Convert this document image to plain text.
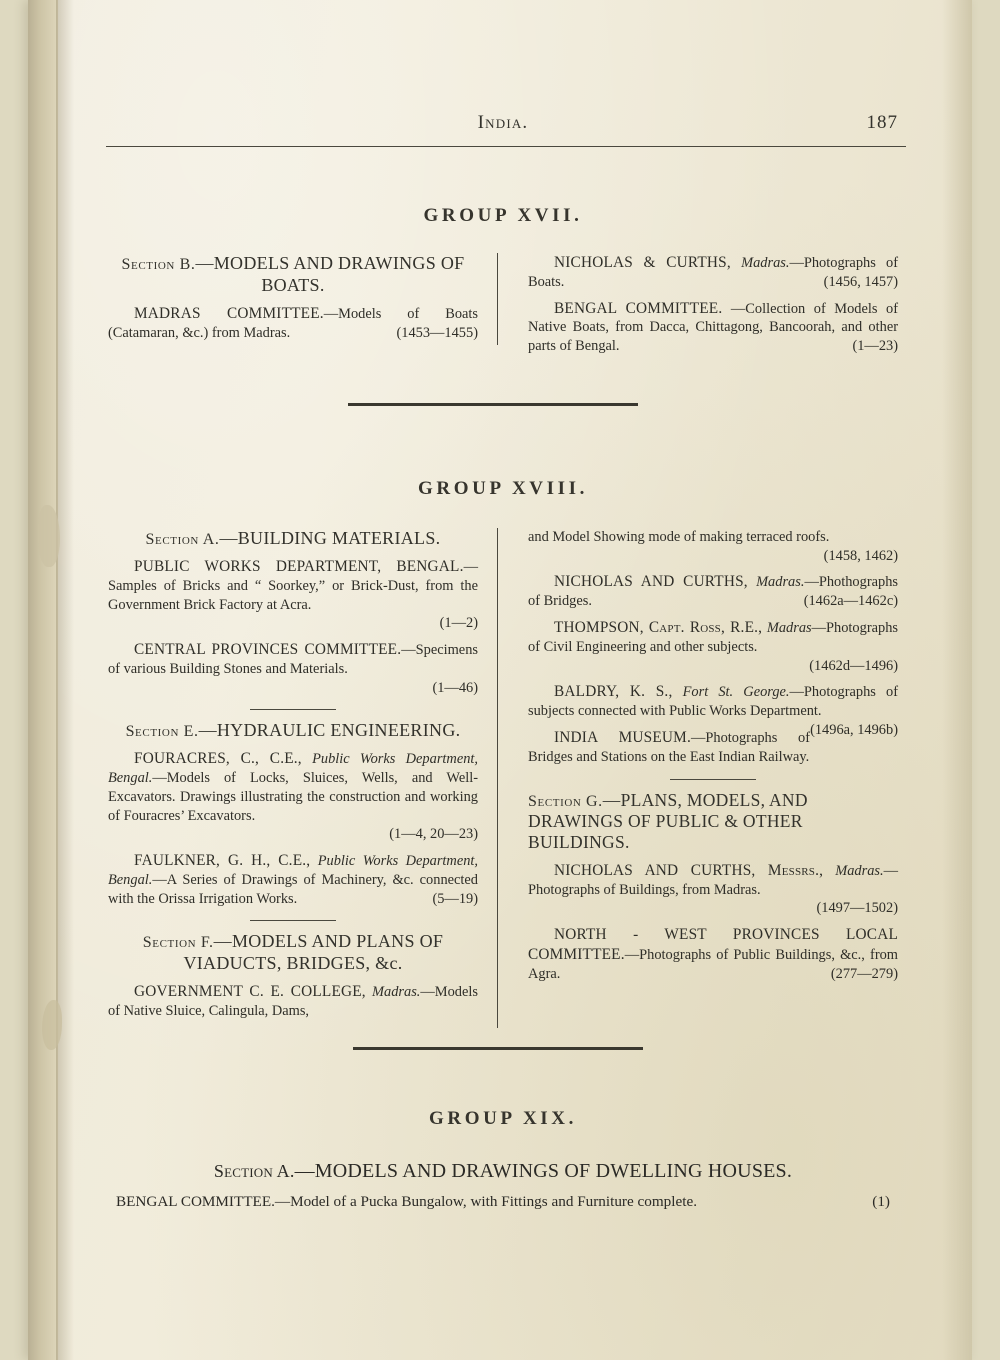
India.	187
GROUP XVII.
Section B.—MODELS AND DRAWINGS OF BOATS.
MADRAS COMMITTEE.—Models of Boats (Catamaran, &c.) from Madras.	(1453—1455)
NICHOLAS & CURTHS, Madras.—Photographs of Boats.	(1456, 1457)
BENGAL COMMITTEE. —Collection of Models of Native Boats, from Dacca, Chittagong, Bancoorah, and other parts of Bengal.	(1—23)
GROUP XVIII.
Section A.—BUILDING MATERIALS.
PUBLIC WORKS DEPARTMENT, BENGAL.— Samples of Bricks and “ Soorkey,” or Brick-Dust, from the Government Brick Factory at Acra.
(1—2)
CENTRAL PROVINCES COMMITTEE.—Specimens of various Building Stones and Materials.
(1—46)
Section E.—HYDRAULIC ENGINEERING.
FOURACRES, C., C.E., Public Works Department, Bengal.—Models of Locks, Sluices, Wells, and Well-Excavators. Drawings illustrating the construction and working of Fouracres’ Excavators.
(1—4, 20—23)
FAULKNER, G. H., C.E., Public Works Department, Bengal.—A Series of Drawings of Machinery, &c. connected with the Orissa Irrigation Works.	(5—19)
Section F.—MODELS AND PLANS OF VIADUCTS, BRIDGES, &c.
GOVERNMENT C. E. COLLEGE, Madras.—Models of Native Sluice, Calingula, Dams,
and Model Showing mode of making terraced roofs.
(1458, 1462)
NICHOLAS AND CURTHS, Madras.—Phothographs of Bridges.	(1462a—1462c)
THOMPSON, Capt. Ross, R.E., Madras—Photographs of Civil Engineering and other subjects.
(1462d—1496)
BALDRY, K. S., Fort St. George.—Photographs of subjects connected with Public Works Department.
(1496a, 1496b)
INDIA MUSEUM.—Photographs of Bridges and Stations on the East Indian Railway.
Section G.—PLANS, MODELS, AND DRAWINGS OF PUBLIC & OTHER BUILDINGS.
NICHOLAS AND CURTHS, Messrs., Madras.—Photographs of Buildings, from Madras.
(1497—1502)
NORTH - WEST PROVINCES LOCAL COMMITTEE.—Photographs of Public Buildings, &c., from Agra.	(277—279)
GROUP XIX.
Section A.—MODELS AND DRAWINGS OF DWELLING HOUSES.
BENGAL COMMITTEE.—Model of a Pucka Bungalow, with Fittings and Furniture complete.	(1)
